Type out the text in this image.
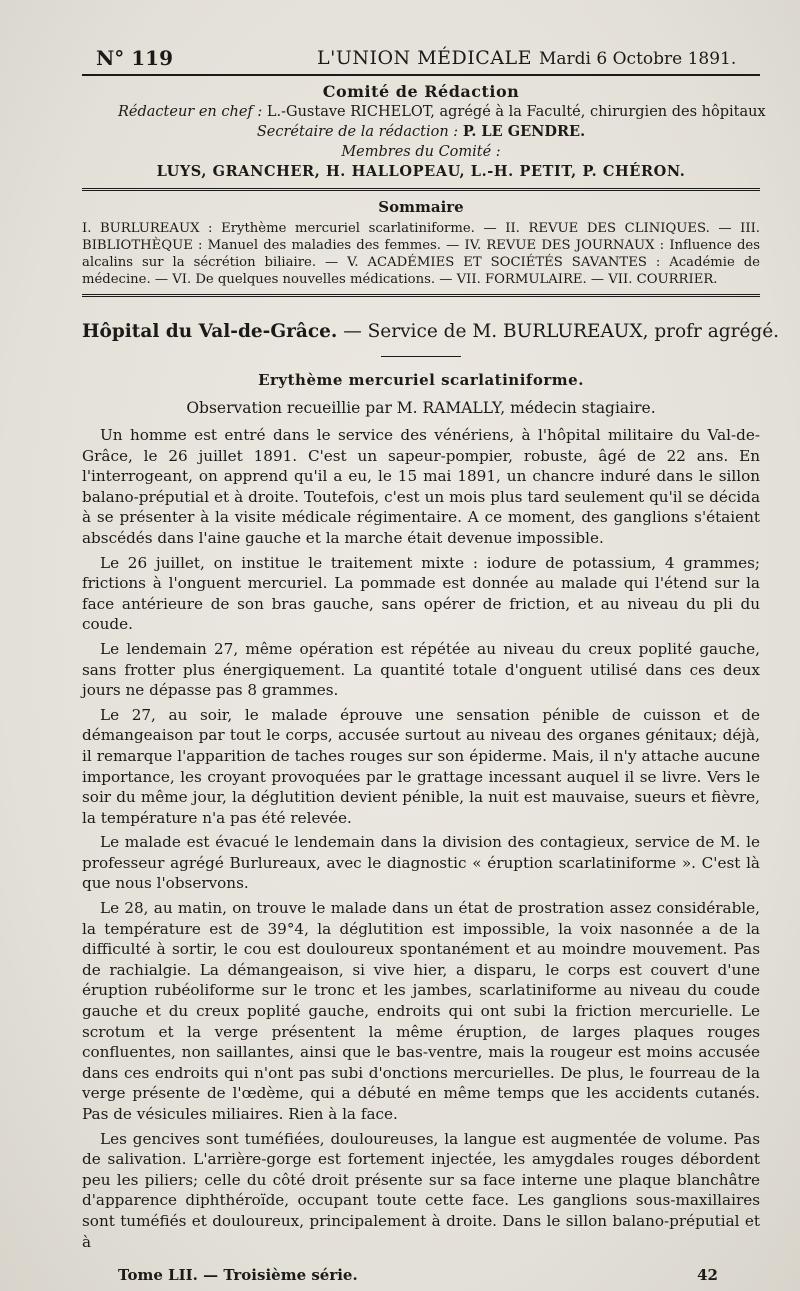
N° 119	L'UNION MÉDICALE Mardi 6 Octobre 1891.
Comité de Rédaction
Rédacteur en chef : L.-Gustave RICHELOT, agrégé à la Faculté, chirurgien des hôpitaux
Secrétaire de la rédaction : P. LE GENDRE.
Membres du Comité :
LUYS, GRANCHER, H. HALLOPEAU, L.-H. PETIT, P. CHÉRON.
Sommaire

I. BURLUREAUX : Erythème mercuriel scarlatiniforme. — II. REVUE DES CLINIQUES. — III. BIBLIOTHÈQUE : Manuel des maladies des femmes. — IV. REVUE DES JOURNAUX : Influence des alcalins sur la sécrétion biliaire. — V. ACADÉMIES ET SOCIÉTÉS SAVANTES : Académie de médecine. — VI. De quelques nouvelles médications. — VII. FORMULAIRE. — VII. COURRIER.

Hôpital du Val-de-Grâce. — Service de M. BURLUREAUX, profr agrégé.
Erythème mercuriel scarlatiniforme.
Observation recueillie par M. RAMALLY, médecin stagiaire.

Un homme est entré dans le service des vénériens, à l'hôpital militaire du Val-de-Grâce, le 26 juillet 1891. C'est un sapeur-pompier, robuste, âgé de 22 ans. En l'interrogeant, on apprend qu'il a eu, le 15 mai 1891, un chancre induré dans le sillon balano-préputial et à droite. Toutefois, c'est un mois plus tard seulement qu'il se décida à se présenter à la visite médicale régimentaire. A ce moment, des ganglions s'étaient abscédés dans l'aine gauche et la marche était devenue impossible.

Le 26 juillet, on institue le traitement mixte : iodure de potassium, 4 grammes; frictions à l'onguent mercuriel. La pommade est donnée au malade qui l'étend sur la face antérieure de son bras gauche, sans opérer de friction, et au niveau du pli du coude.

Le lendemain 27, même opération est répétée au niveau du creux poplité gauche, sans frotter plus énergiquement. La quantité totale d'onguent utilisé dans ces deux jours ne dépasse pas 8 grammes.

Le 27, au soir, le malade éprouve une sensation pénible de cuisson et de démangeaison par tout le corps, accusée surtout au niveau des organes génitaux; déjà, il remarque l'apparition de taches rouges sur son épiderme. Mais, il n'y attache aucune importance, les croyant provoquées par le grattage incessant auquel il se livre. Vers le soir du même jour, la déglutition devient pénible, la nuit est mauvaise, sueurs et fièvre, la température n'a pas été relevée.

Le malade est évacué le lendemain dans la division des contagieux, service de M. le professeur agrégé Burlureaux, avec le diagnostic « éruption scarlatiniforme ». C'est là que nous l'observons.

Le 28, au matin, on trouve le malade dans un état de prostration assez considérable, la température est de 39°4, la déglutition est impossible, la voix nasonnée a de la difficulté à sortir, le cou est douloureux spontanément et au moindre mouvement. Pas de rachialgie. La démangeaison, si vive hier, a disparu, le corps est couvert d'une éruption rubéoliforme sur le tronc et les jambes, scarlatiniforme au niveau du coude gauche et du creux poplité gauche, endroits qui ont subi la friction mercurielle. Le scrotum et la verge présentent la même éruption, de larges plaques rouges confluentes, non saillantes, ainsi que le bas-ventre, mais la rougeur est moins accusée dans ces endroits qui n'ont pas subi d'onctions mercurielles. De plus, le fourreau de la verge présente de l'œdème, qui a débuté en même temps que les accidents cutanés. Pas de vésicules miliaires. Rien à la face.

Les gencives sont tuméfiées, douloureuses, la langue est augmentée de volume. Pas de salivation. L'arrière-gorge est fortement injectée, les amygdales rouges débordent peu les piliers; celle du côté droit présente sur sa face interne une plaque blanchâtre d'apparence diphthéroïde, occupant toute cette face. Les ganglions sous-maxillaires sont tuméfiés et douloureux, principalement à droite. Dans le sillon balano-préputial et à

Tome LII. — Troisième série.	42
